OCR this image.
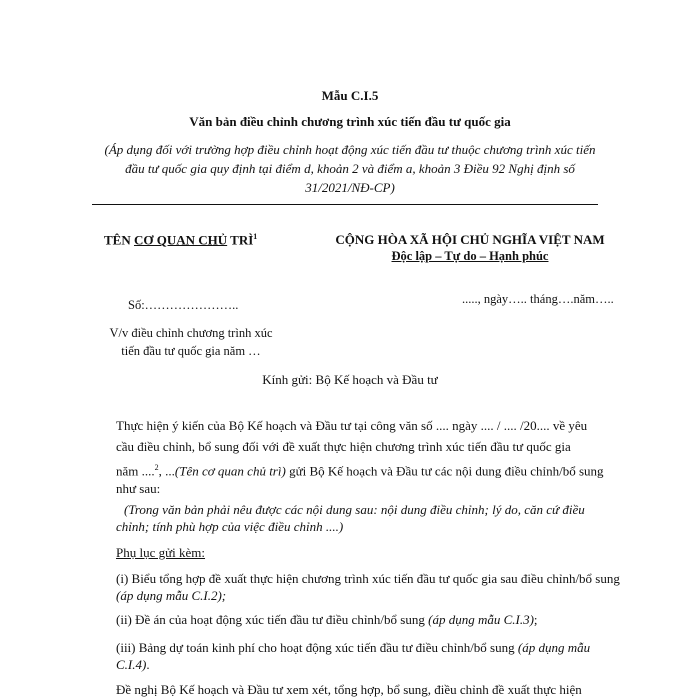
Mẫu C.I.5
Văn bản điều chỉnh chương trình xúc tiến đầu tư quốc gia
(Áp dụng đối với trường hợp điều chỉnh hoạt động xúc tiến đầu tư thuộc chương trình xúc tiến
đầu tư quốc gia quy định tại điểm d, khoản 2 và điểm a, khoản 3 Điều 92 Nghị định số
31/2021/NĐ-CP)
TÊN CƠ QUAN CHỦ TRÌ$^1$	CỘNG HÒA XÃ HỘI CHỦ NGHĨA VIỆT NAM
Độc lập – Tự do – Hạnh phúc
Số:…………………..	....., ngày….. tháng….năm…..
V/v điều chỉnh chương trình xúc
tiến đầu tư quốc gia năm …
Kính gửi: Bộ Kế hoạch và Đầu tư
Thực hiện ý kiến của Bộ Kế hoạch và Đầu tư tại công văn số .... ngày .... / .... /20.... về yêu
cầu điều chỉnh, bổ sung đối với đề xuất thực hiện chương trình xúc tiến đầu tư quốc gia
năm ....$^2$, ...(Tên cơ quan chủ trì) gửi Bộ Kế hoạch và Đầu tư các nội dung điều chỉnh/bổ sung
như sau:
(Trong văn bản phải nêu được các nội dung sau: nội dung điều chỉnh; lý do, căn cứ điều
chỉnh; tính phù hợp của việc điều chỉnh ....)
Phụ lục gửi kèm:
(i) Biểu tổng hợp đề xuất thực hiện chương trình xúc tiến đầu tư quốc gia sau điều chỉnh/bổ sung
(áp dụng mẫu C.I.2);
(ii) Đề án của hoạt động xúc tiến đầu tư điều chỉnh/bổ sung (áp dụng mẫu C.I.3);
(iii) Bảng dự toán kinh phí cho hoạt động xúc tiến đầu tư điều chỉnh/bổ sung (áp dụng mẫu
C.I.4).
Đề nghị Bộ Kế hoạch và Đầu tư xem xét, tổng hợp, bổ sung, điều chỉnh đề xuất thực hiện
